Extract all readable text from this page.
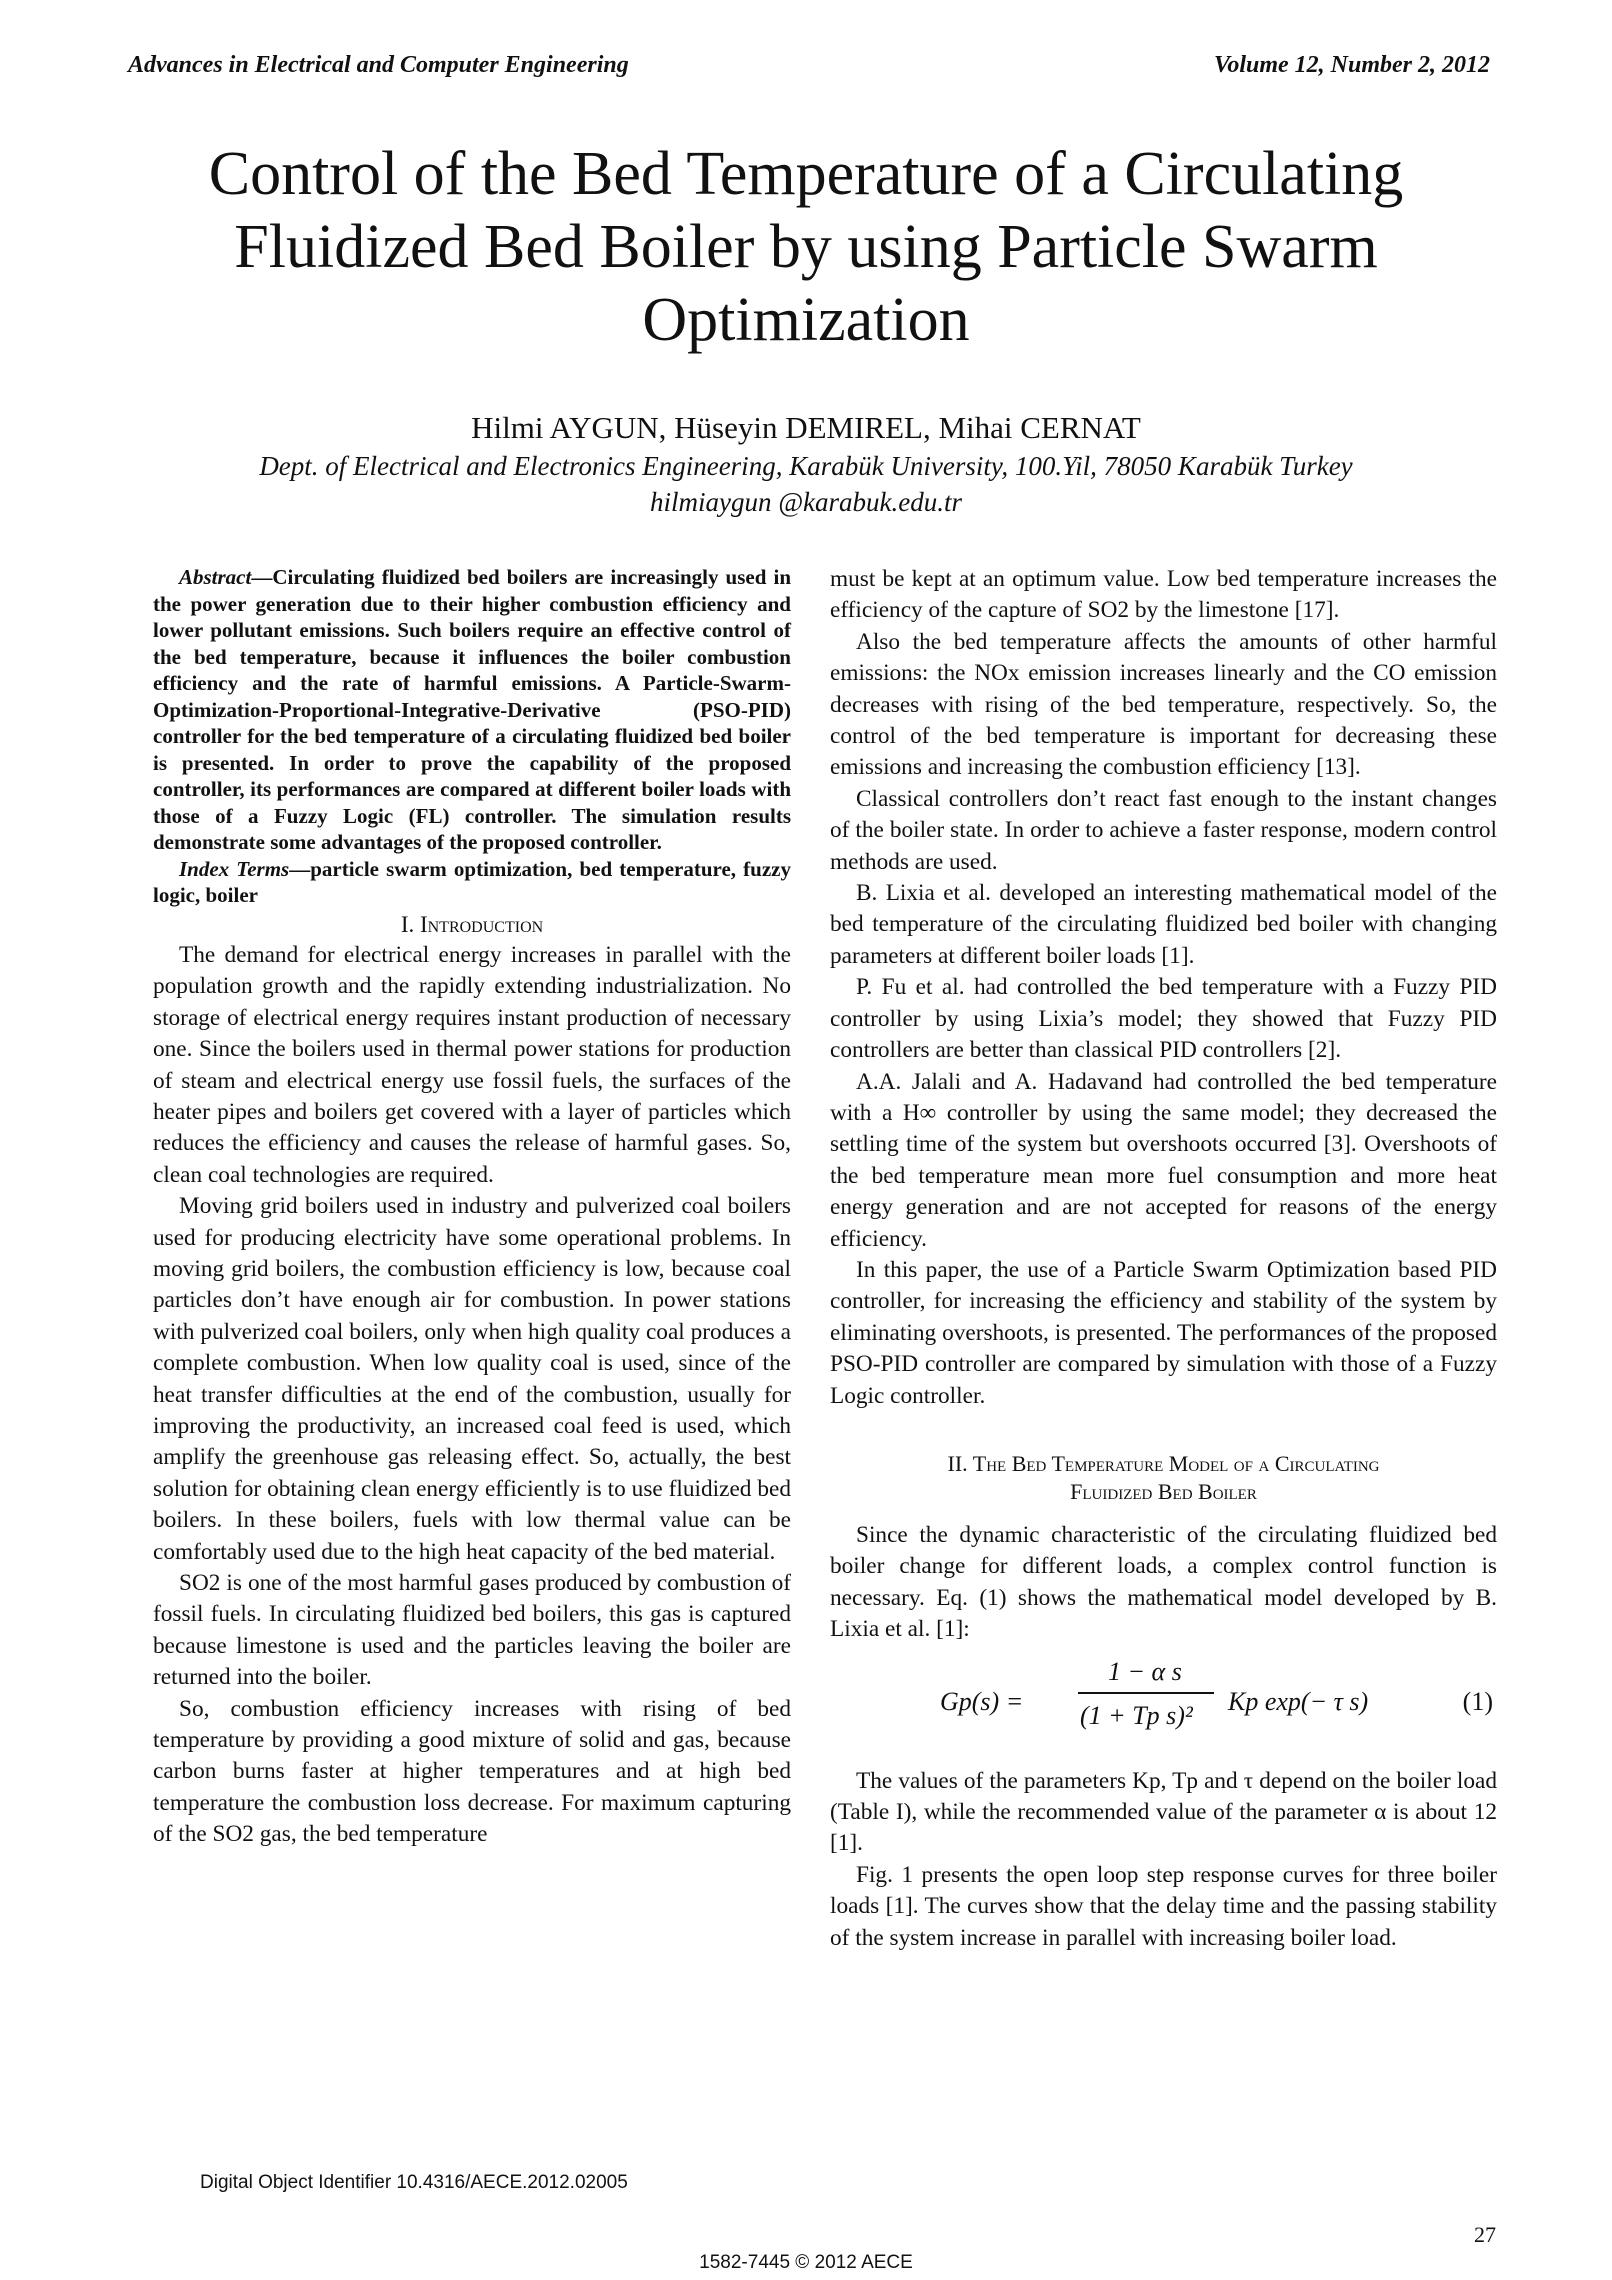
Advances in Electrical and Computer Engineering	Volume 12, Number 2, 2012
Control of the Bed Temperature of a Circulating
Fluidized Bed Boiler by using Particle Swarm
Optimization
Hilmi AYGUN, Hüseyin DEMIREL, Mihai CERNAT
Dept. of Electrical and Electronics Engineering, Karabük University, 100.Yil, 78050 Karabük Turkey
hilmiaygun @karabuk.edu.tr

Abstract—Circulating fluidized bed boilers are increasingly used in the power generation due to their higher combustion efficiency and lower pollutant emissions. Such boilers require an effective control of the bed temperature, because it influences the boiler combustion efficiency and the rate of harmful emissions. A Particle-Swarm-Optimization-Proportional-Integrative-Derivative (PSO-PID) controller for the bed temperature of a circulating fluidized bed boiler is presented. In order to prove the capability of the proposed controller, its performances are compared at different boiler loads with those of a Fuzzy Logic (FL) controller. The simulation results demonstrate some advantages of the proposed controller.

Index Terms—particle swarm optimization, bed temperature, fuzzy logic, boiler

I. Introduction

The demand for electrical energy increases in parallel with the population growth and the rapidly extending industrialization. No storage of electrical energy requires instant production of necessary one. Since the boilers used in thermal power stations for production of steam and electrical energy use fossil fuels, the surfaces of the heater pipes and boilers get covered with a layer of particles which reduces the efficiency and causes the release of harmful gases. So, clean coal technologies are required.

Moving grid boilers used in industry and pulverized coal boilers used for producing electricity have some operational problems. In moving grid boilers, the combustion efficiency is low, because coal particles don’t have enough air for combustion. In power stations with pulverized coal boilers, only when high quality coal produces a complete combustion. When low quality coal is used, since of the heat transfer difficulties at the end of the combustion, usually for improving the productivity, an increased coal feed is used, which amplify the greenhouse gas releasing effect. So, actually, the best solution for obtaining clean energy efficiently is to use fluidized bed boilers. In these boilers, fuels with low thermal value can be comfortably used due to the high heat capacity of the bed material.

SO2 is one of the most harmful gases produced by combustion of fossil fuels. In circulating fluidized bed boilers, this gas is captured because limestone is used and the particles leaving the boiler are returned into the boiler.

So, combustion efficiency increases with rising of bed temperature by providing a good mixture of solid and gas, because carbon burns faster at higher temperatures and at high bed temperature the combustion loss decrease. For maximum capturing of the SO2 gas, the bed temperature

must be kept at an optimum value. Low bed temperature increases the efficiency of the capture of SO2 by the limestone [17].

Also the bed temperature affects the amounts of other harmful emissions: the NOx emission increases linearly and the CO emission decreases with rising of the bed temperature, respectively. So, the control of the bed temperature is important for decreasing these emissions and increasing the combustion efficiency [13].

Classical controllers don’t react fast enough to the instant changes of the boiler state. In order to achieve a faster response, modern control methods are used.

B. Lixia et al. developed an interesting mathematical model of the bed temperature of the circulating fluidized bed boiler with changing parameters at different boiler loads [1].

P. Fu et al. had controlled the bed temperature with a Fuzzy PID controller by using Lixia’s model; they showed that Fuzzy PID controllers are better than classical PID controllers [2].

A.A. Jalali and A. Hadavand had controlled the bed temperature with a H∞ controller by using the same model; they decreased the settling time of the system but overshoots occurred [3]. Overshoots of the bed temperature mean more fuel consumption and more heat energy generation and are not accepted for reasons of the energy efficiency.

In this paper, the use of a Particle Swarm Optimization based PID controller, for increasing the efficiency and stability of the system by eliminating overshoots, is presented. The performances of the proposed PSO-PID controller are compared by simulation with those of a Fuzzy Logic controller.

II. The Bed Temperature Model of a Circulating
Fluidized Bed Boiler

Since the dynamic characteristic of the circulating fluidized bed boiler change for different loads, a complex control function is necessary. Eq. (1) shows the mathematical model developed by B. Lixia et al. [1]:

Gp(s) =
1 − α s
(1 + Tp s)² Kp exp(− τ s)	(1)

The values of the parameters Kp, Tp and τ depend on the boiler load (Table I), while the recommended value of the parameter α is about 12 [1].

Fig. 1 presents the open loop step response curves for three boiler loads [1]. The curves show that the delay time and the passing stability of the system increase in parallel with increasing boiler load.

Digital Object Identifier 10.4316/AECE.2012.02005
27
1582-7445 © 2012 AECE
